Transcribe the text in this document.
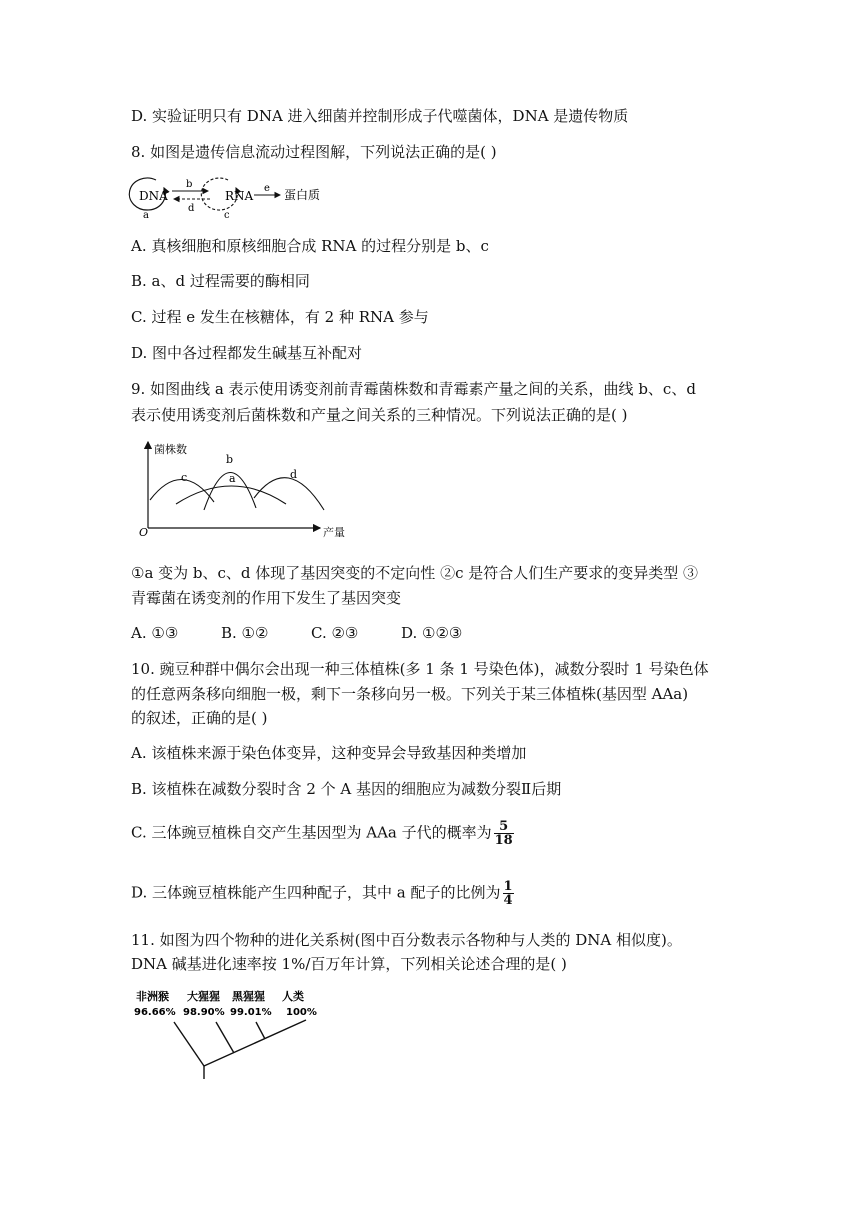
D. 实验证明只有 DNA 进入细菌并控制形成子代噬菌体，DNA 是遗传物质
8. 如图是遗传信息流动过程图解，下列说法正确的是( )
DNA
a
b
d
RNA
c
e 蛋白质
A. 真核细胞和原核细胞合成 RNA 的过程分别是 b、c
B. a、d 过程需要的酶相同
C. 过程 e 发生在核糖体，有 2 种 RNA 参与
D. 图中各过程都发生碱基互补配对
9. 如图曲线 a 表示使用诱变剂前青霉菌株数和青霉素产量之间的关系，曲线 b、c、d
表示使用诱变剂后菌株数和产量之间关系的三种情况。下列说法正确的是( )
菌株数
产量
O
a
b
c	d
①a 变为 b、c、d 体现了基因突变的不定向性 ②c 是符合人们生产要求的变异类型 ③
青霉菌在诱变剂的作用下发生了基因突变
A. ①③	B. ①②	C. ②③	D. ①②③
10. 豌豆种群中偶尔会出现一种三体植株(多 1 条 1 号染色体)，减数分裂时 1 号染色体
的任意两条移向细胞一极，剩下一条移向另一极。下列关于某三体植株(基因型 AAa)
的叙述，正确的是( )
A. 该植株来源于染色体变异，这种变异会导致基因种类增加
B. 该植株在减数分裂时含 2 个 A 基因的细胞应为减数分裂Ⅱ后期
C. 三体豌豆植株自交产生基因型为 AAa 子代的概率为 $\frac{5}{18}$
D. 三体豌豆植株能产生四种配子，其中 a 配子的比例为 $\frac{1}{4}$
11. 如图为四个物种的进化关系树(图中百分数表示各物种与人类的 DNA 相似度)。
DNA 碱基进化速率按 1%/百万年计算，下列相关论述合理的是( )
非洲猴 大猩猩 黑猩猩 人类
96.66% 98.90% 99.01% 100%
